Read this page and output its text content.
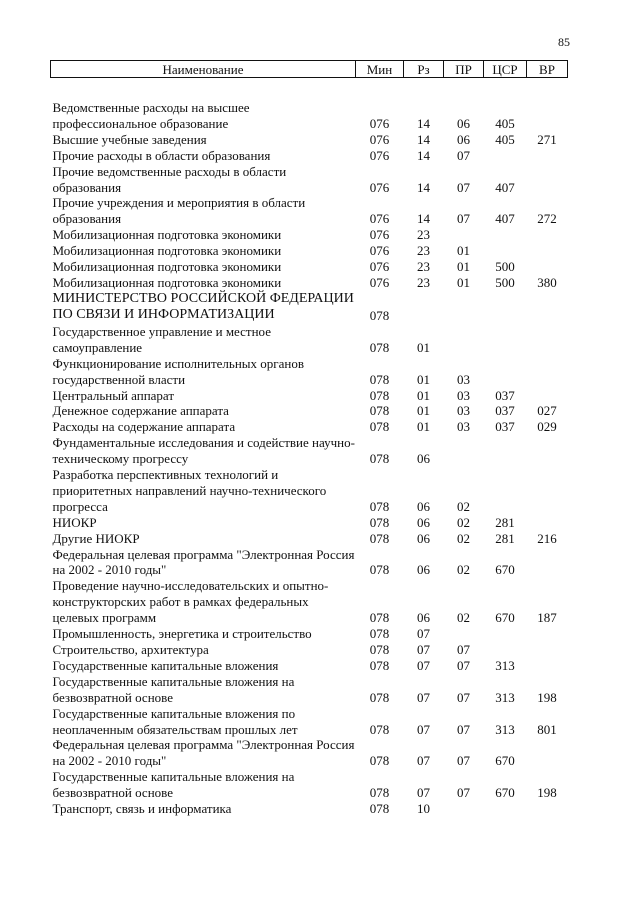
85
Наименование	Мин	Рз	ПР	ЦСР	ВР

Ведомственные расходы на высшее профессиональное образование	076	14	06	405	
Высшие учебные заведения	076	14	06	405	271
Прочие расходы в области образования	076	14	07		
Прочие ведомственные расходы в области образования	076	14	07	407	
Прочие учреждения и мероприятия в области образования	076	14	07	407	272
Мобилизационная подготовка экономики	076	23			
Мобилизационная подготовка экономики	076	23	01		
Мобилизационная подготовка экономики	076	23	01	500	
Мобилизационная подготовка экономики	076	23	01	500	380
МИНИСТЕРСТВО РОССИЙСКОЙ ФЕДЕРАЦИИ ПО СВЯЗИ И ИНФОРМАТИЗАЦИИ	078				
Государственное управление и местное самоуправление	078	01			
Функционирование исполнительных органов государственной власти	078	01	03		
Центральный аппарат	078	01	03	037	
Денежное содержание аппарата	078	01	03	037	027
Расходы на содержание аппарата	078	01	03	037	029
Фундаментальные исследования и содействие научно-техническому прогрессу	078	06			
Разработка перспективных технологий и приоритетных направлений научно-технического прогресса	078	06	02		
НИОКР	078	06	02	281	
Другие НИОКР	078	06	02	281	216
Федеральная целевая программа "Электронная Россия на 2002 - 2010 годы"	078	06	02	670	
Проведение научно-исследовательских и опытно-конструкторских работ в рамках федеральных целевых программ	078	06	02	670	187
Промышленность, энергетика и строительство	078	07			
Строительство, архитектура	078	07	07		
Государственные капитальные вложения	078	07	07	313	
Государственные капитальные вложения на безвозвратной основе	078	07	07	313	198
Государственные капитальные вложения по неоплаченным обязательствам прошлых лет	078	07	07	313	801
Федеральная целевая программа "Электронная Россия на 2002 - 2010 годы"	078	07	07	670	
Государственные капитальные вложения на безвозвратной основе	078	07	07	670	198
Транспорт, связь и информатика	078	10			
